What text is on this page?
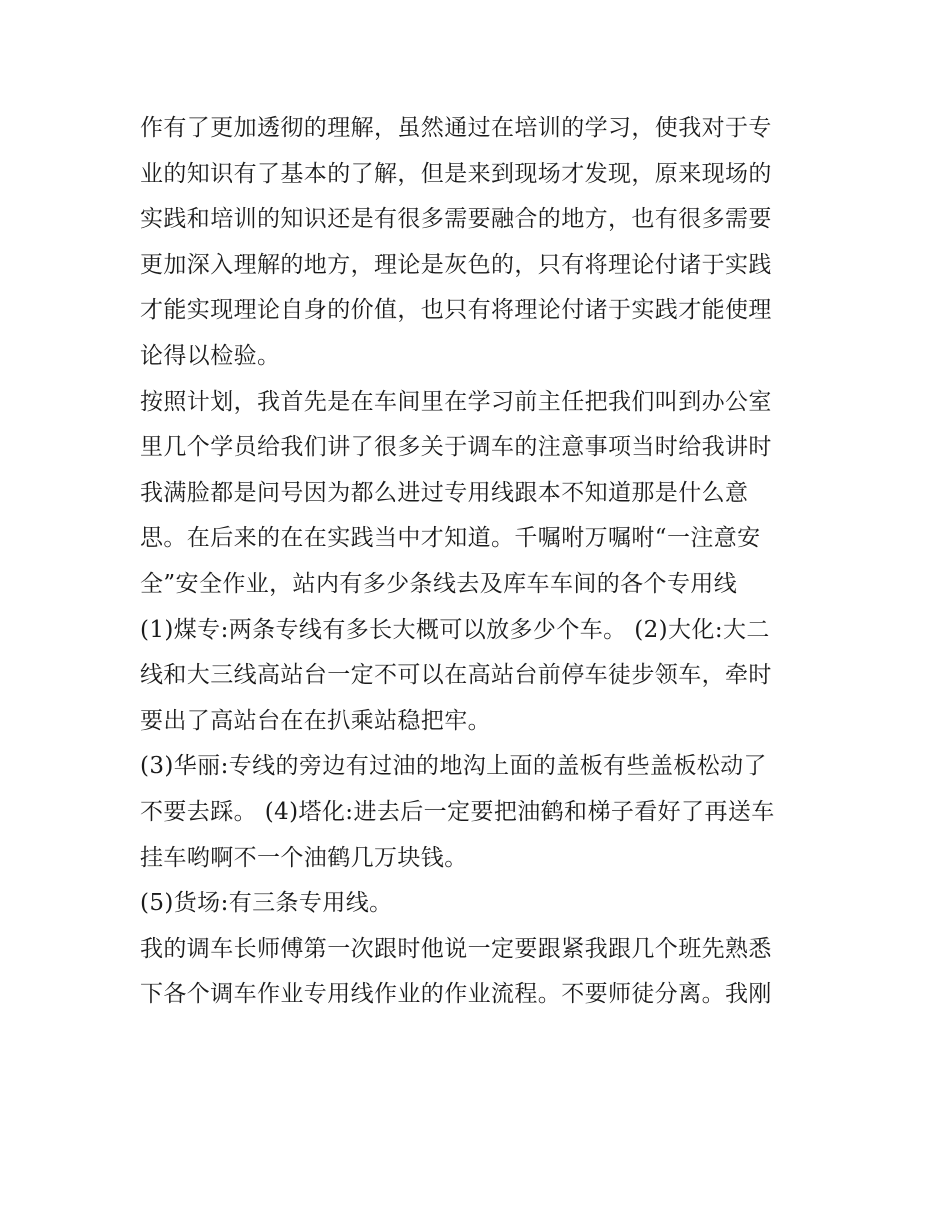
作有了更加透彻的理解，虽然通过在培训的学习，使我对于专
业的知识有了基本的了解，但是来到现场才发现，原来现场的
实践和培训的知识还是有很多需要融合的地方，也有很多需要
更加深入理解的地方，理论是灰色的，只有将理论付诸于实践
才能实现理论自身的价值，也只有将理论付诸于实践才能使理
论得以检验。
按照计划，我首先是在车间里在学习前主任把我们叫到办公室
里几个学员给我们讲了很多关于调车的注意事项当时给我讲时
我满脸都是问号因为都么进过专用线跟本不知道那是什么意
思。在后来的在在实践当中才知道。千嘱咐万嘱咐“一注意安
全”安全作业，站内有多少条线去及库车车间的各个专用线
(1)煤专:两条专线有多长大概可以放多少个车。 (2)大化:大二
线和大三线高站台一定不可以在高站台前停车徒步领车，牵时
要出了高站台在在扒乘站稳把牢。
(3)华丽:专线的旁边有过油的地沟上面的盖板有些盖板松动了
不要去踩。 (4)塔化:进去后一定要把油鹤和梯子看好了再送车
挂车哟啊不一个油鹤几万块钱。
(5)货场:有三条专用线。
我的调车长师傅第一次跟时他说一定要跟紧我跟几个班先熟悉
下各个调车作业专用线作业的作业流程。不要师徒分离。我刚
